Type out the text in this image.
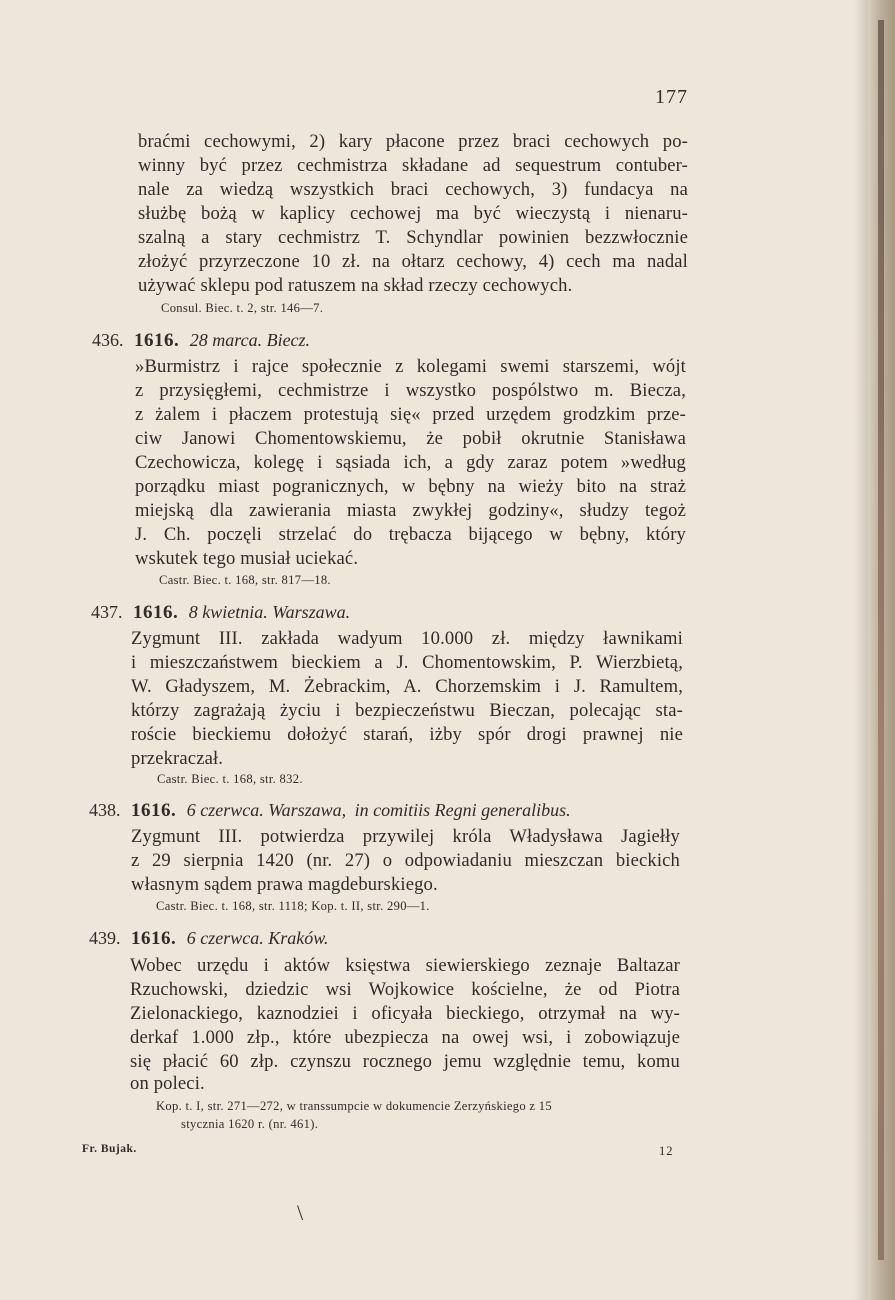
177
braćmi cechowymi, 2) kary płacone przez braci cechowych po-
winny być przez cechmistrza składane ad sequestrum contuber-
nale za wiedzą wszystkich braci cechowych, 3) fundacya na
służbę bożą w kaplicy cechowej ma być wieczystą i nienaru-
szalną a stary cechmistrz T. Schyndlar powinien bezzwłocznie
złożyć przyrzeczone 10 zł. na ołtarz cechowy, 4) cech ma nadal
używać sklepu pod ratuszem na skład rzeczy cechowych.
Consul. Biec. t. 2, str. 146—7.
436. 1616. 28 marca. Biecz.
»Burmistrz i rajce społecznie z kolegami swemi starszemi, wójt
z przysięgłemi, cechmistrze i wszystko pospólstwo m. Biecza,
z żalem i płaczem protestują się« przed urzędem grodzkim prze-
ciw Janowi Chomentowskiemu, że pobił okrutnie Stanisława
Czechowicza, kolegę i sąsiada ich, a gdy zaraz potem »według
porządku miast pogranicznych, w bębny na wieży bito na straż
miejską dla zawierania miasta zwykłej godziny«, słudzy tegoż
J. Ch. poczęli strzelać do trębacza bijącego w bębny, który
wskutek tego musiał uciekać.
Castr. Biec. t. 168, str. 817—18.
437. 1616. 8 kwietnia. Warszawa.
Zygmunt III. zakłada wadyum 10.000 zł. między ławnikami
i mieszczaństwem bieckiem a J. Chomentowskim, P. Wierzbietą,
W. Gładyszem, M. Żebrackim, A. Chorzemskim i J. Ramultem,
którzy zagrażają życiu i bezpieczeństwu Bieczan, polecając sta-
roście bieckiemu dołożyć starań, iżby spór drogi prawnej nie
przekraczał.
Castr. Biec. t. 168, str. 832.
438. 1616. 6 czerwca. Warszawa, in comitiis Regni generalibus.
Zygmunt III. potwierdza przywilej króla Władysława Jagiełły
z 29 sierpnia 1420 (nr. 27) o odpowiadaniu mieszczan bieckich
własnym sądem prawa magdeburskiego.
Castr. Biec. t. 168, str. 1118; Kop. t. II, str. 290—1.
439. 1616. 6 czerwca. Kraków.
Wobec urzędu i aktów księstwa siewierskiego zeznaje Baltazar
Rzuchowski, dziedzic wsi Wojkowice kościelne, że od Piotra
Zielonackiego, kaznodziei i oficyała bieckiego, otrzymał na wy-
derkaf 1.000 złp., które ubezpiecza na owej wsi, i zobowiązuje
się płacić 60 złp. czynszu rocznego jemu względnie temu, komu
on poleci.
Kop. t. I, str. 271—272, w transsumpcie w dokumencie Zerzyńskiego z 15
stycznia 1620 r. (nr. 461).
Fr. Bujak.	12
\
